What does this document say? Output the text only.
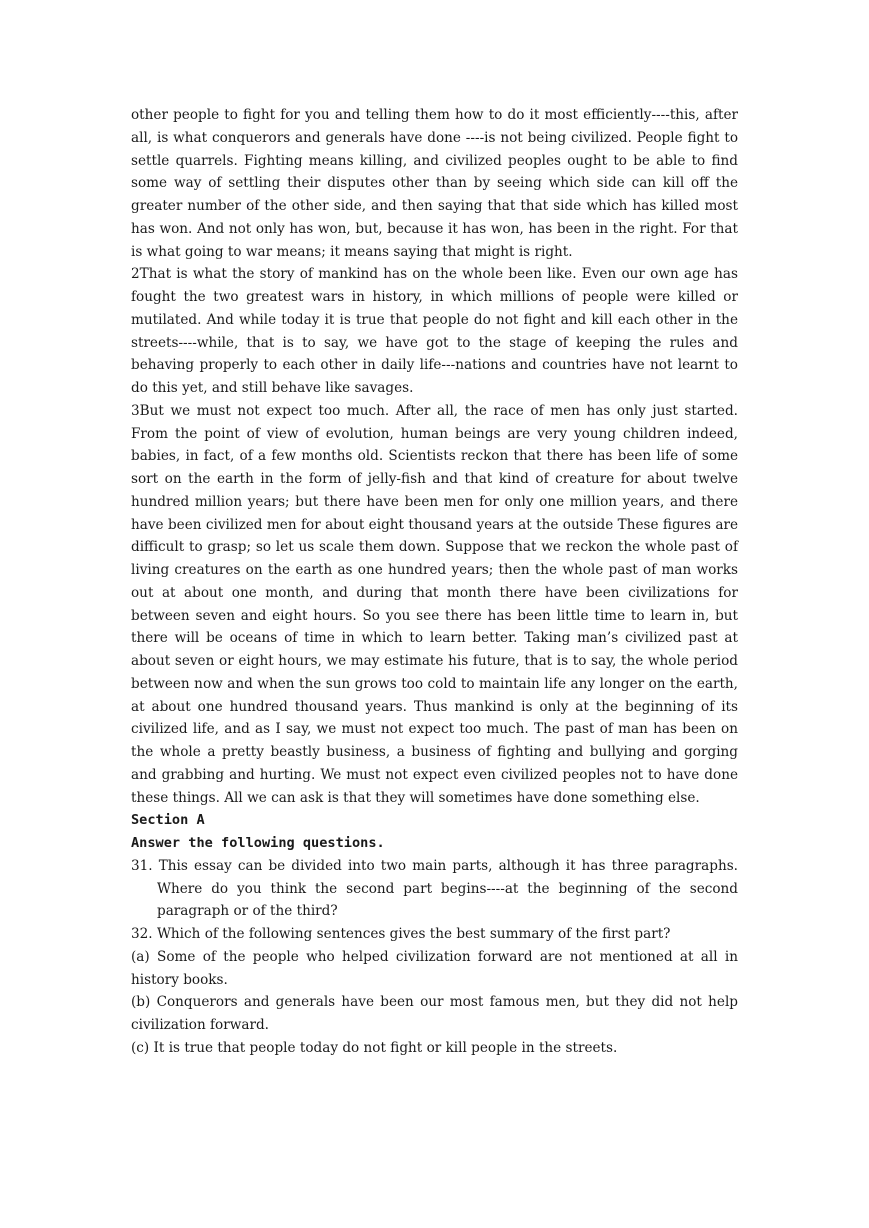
other people to fight for you and telling them how to do it most efficiently----this, after all, is what conquerors and generals have done ----is not being civilized. People fight to settle quarrels. Fighting means killing, and civilized peoples ought to be able to find some way of settling their disputes other than by seeing which side can kill off the greater number of the other side, and then saying that that side which has killed most has won. And not only has won, but, because it has won, has been in the right. For that is what going to war means; it means saying that might is right.

2That is what the story of mankind has on the whole been like. Even our own age has fought the two greatest wars in history, in which millions of people were killed or mutilated. And while today it is true that people do not fight and kill each other in the streets----while, that is to say, we have got to the stage of keeping the rules and behaving properly to each other in daily life---nations and countries have not learnt to do this yet, and still behave like savages.

3But we must not expect too much. After all, the race of men has only just started. From the point of view of evolution, human beings are very young children indeed, babies, in fact, of a few months old. Scientists reckon that there has been life of some sort on the earth in the form of jelly-fish and that kind of creature for about twelve hundred million years; but there have been men for only one million years, and there have been civilized men for about eight thousand years at the outside These figures are difficult to grasp; so let us scale them down. Suppose that we reckon the whole past of living creatures on the earth as one hundred years; then the whole past of man works out at about one month, and during that month there have been civilizations for between seven and eight hours. So you see there has been little time to learn in, but there will be oceans of time in which to learn better. Taking man’s civilized past at about seven or eight hours, we may estimate his future, that is to say, the whole period between now and when the sun grows too cold to maintain life any longer on the earth, at about one hundred thousand years. Thus mankind is only at the beginning of its civilized life, and as I say, we must not expect too much. The past of man has been on the whole a pretty beastly business, a business of fighting and bullying and gorging and grabbing and hurting. We must not expect even civilized peoples not to have done these things. All we can ask is that they will sometimes have done something else.

Section A

Answer the following questions.

31. This essay can be divided into two main parts, although it has three paragraphs. Where do you think the second part begins----at the beginning of the second paragraph or of the third?

32. Which of the following sentences gives the best summary of the first part?

(a) Some of the people who helped civilization forward are not mentioned at all in history books.

(b) Conquerors and generals have been our most famous men, but they did not help civilization forward.

(c) It is true that people today do not fight or kill people in the streets.
